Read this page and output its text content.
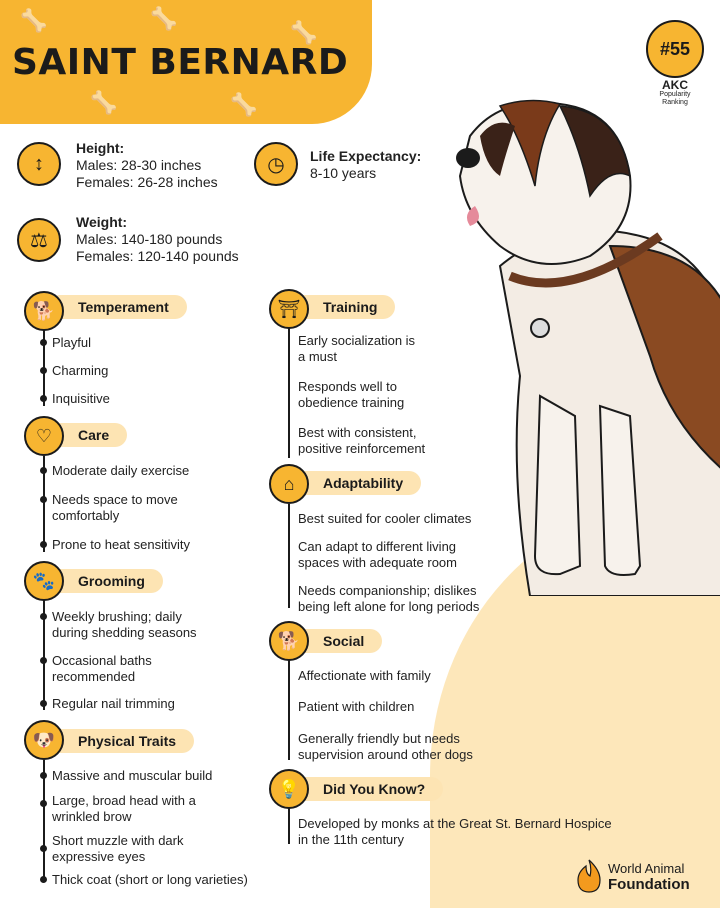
🦴	🦴
🦴
🦴	🦴
SAINT BERNARD	#55
AKC
Popularity
Ranking
↕
Height:
Males: 28-30 inches
Females: 26-28 inches
◷	Life Expectancy:
8-10 years
⚖
Weight:
Males: 140-180 pounds
Females: 120-140 pounds
🐕	Temperament
Playful
Charming
Inquisitive
♡	Care
Moderate daily exercise
Needs space to move
comfortably
Prone to heat sensitivity
🐾	Grooming
Weekly brushing; daily
during shedding seasons
Occasional baths
recommended
Regular nail trimming
🐶	Physical Traits
Massive and muscular build
Large, broad head with a
wrinkled brow
Short muzzle with dark
expressive eyes
Thick coat (short or long varieties)
⛩	Training
Early socialization is
a must
Responds well to
obedience training
Best with consistent,
positive reinforcement
⌂	Adaptability
Best suited for cooler climates
Can adapt to different living
spaces with adequate room
Needs companionship; dislikes
being left alone for long periods
🐕	Social
Affectionate with family
Patient with children
Generally friendly but needs
supervision around other dogs
💡	Did You Know?
Developed by monks at the Great St. Bernard Hospice
in the 11th century
World Animal
Foundation
